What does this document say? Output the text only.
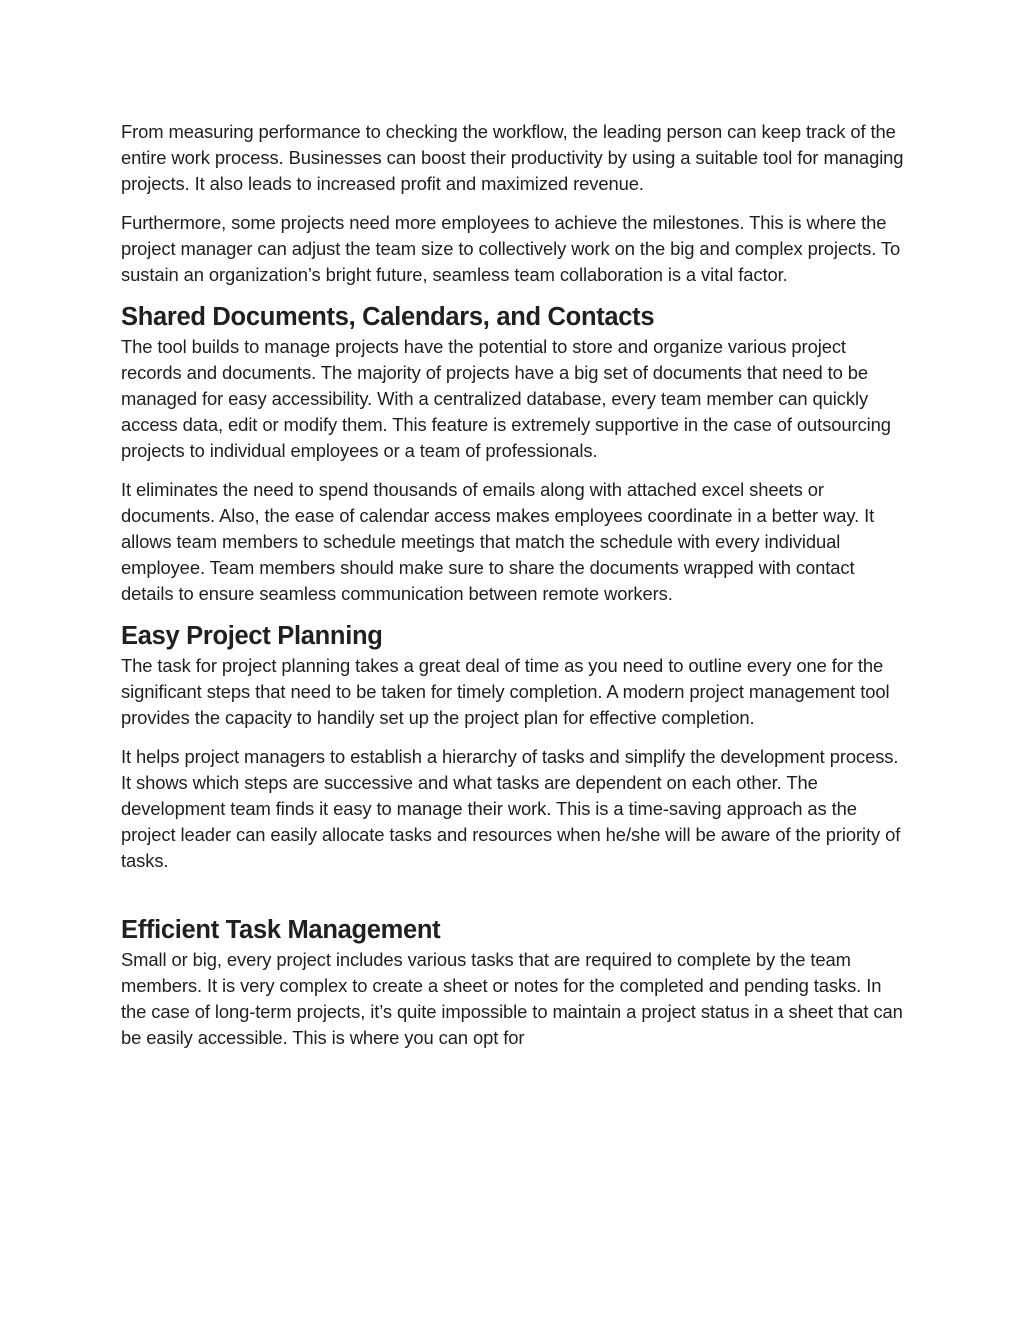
From measuring performance to checking the workflow, the leading person can keep track of the entire work process. Businesses can boost their productivity by using a suitable tool for managing projects. It also leads to increased profit and maximized revenue.

Furthermore, some projects need more employees to achieve the milestones. This is where the project manager can adjust the team size to collectively work on the big and complex projects. To sustain an organization’s bright future, seamless team collaboration is a vital factor.

Shared Documents, Calendars, and Contacts

The tool builds to manage projects have the potential to store and organize various project records and documents. The majority of projects have a big set of documents that need to be managed for easy accessibility. With a centralized database, every team member can quickly access data, edit or modify them. This feature is extremely supportive in the case of outsourcing projects to individual employees or a team of professionals.

It eliminates the need to spend thousands of emails along with attached excel sheets or documents. Also, the ease of calendar access makes employees coordinate in a better way. It allows team members to schedule meetings that match the schedule with every individual employee. Team members should make sure to share the documents wrapped with contact details to ensure seamless communication between remote workers.

Easy Project Planning

The task for project planning takes a great deal of time as you need to outline every one for the significant steps that need to be taken for timely completion. A modern project management tool provides the capacity to handily set up the project plan for effective completion.

It helps project managers to establish a hierarchy of tasks and simplify the development process. It shows which steps are successive and what tasks are dependent on each other. The development team finds it easy to manage their work. This is a time-saving approach as the project leader can easily allocate tasks and resources when he/she will be aware of the priority of tasks.

Efficient Task Management

Small or big, every project includes various tasks that are required to complete by the team members. It is very complex to create a sheet or notes for the completed and pending tasks. In the case of long-term projects, it’s quite impossible to maintain a project status in a sheet that can be easily accessible. This is where you can opt for
